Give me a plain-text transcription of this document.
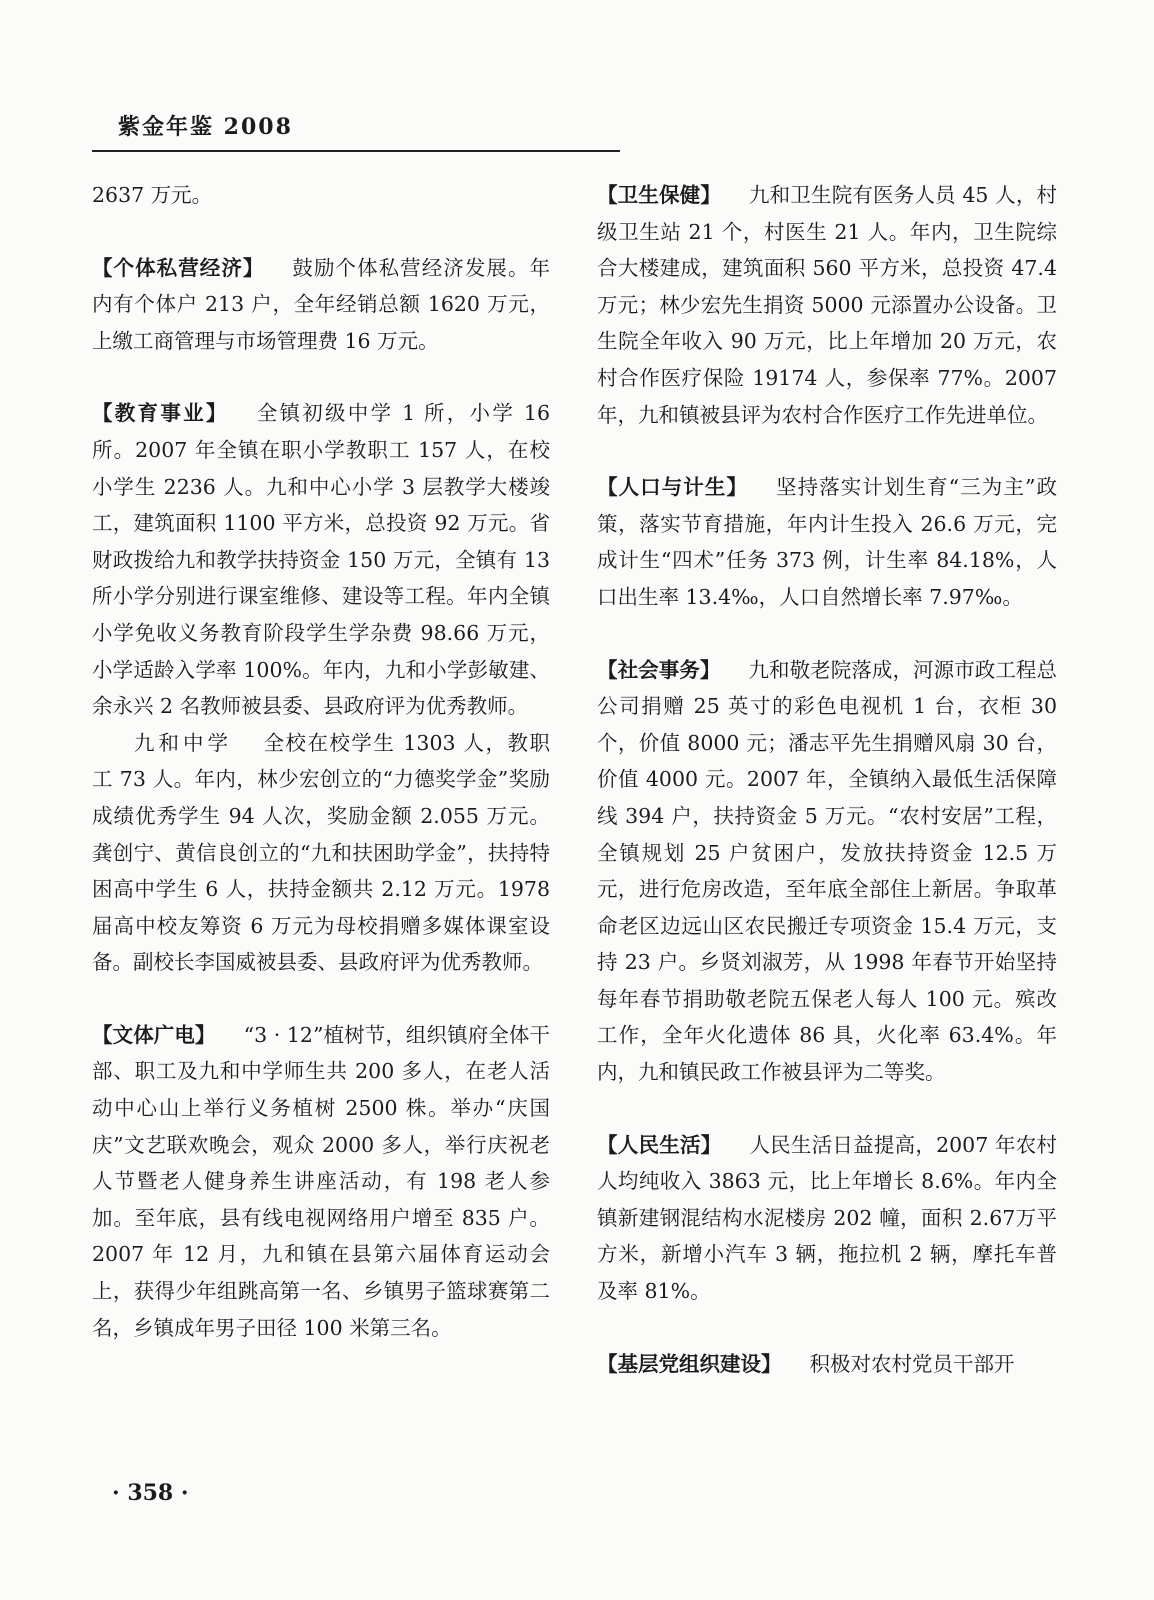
紫金年鉴 2008

2637 万元。

【个体私营经济】 鼓励个体私营经济发展。年内有个体户 213 户，全年经销总额 1620 万元，上缴工商管理与市场管理费 16 万元。

【教育事业】 全镇初级中学 1 所，小学 16 所。2007 年全镇在职小学教职工 157 人，在校小学生 2236 人。九和中心小学 3 层教学大楼竣工，建筑面积 1100 平方米，总投资 92 万元。省财政拨给九和教学扶持资金 150 万元，全镇有 13 所小学分别进行课室维修、建设等工程。年内全镇小学免收义务教育阶段学生学杂费 98.66 万元，小学适龄入学率 100%。年内，九和小学彭敏建、余永兴 2 名教师被县委、县政府评为优秀教师。

九和中学 全校在校学生 1303 人，教职工 73 人。年内，林少宏创立的“力德奖学金”奖励成绩优秀学生 94 人次，奖励金额 2.055 万元。龚创宁、黄信良创立的“九和扶困助学金”，扶持特困高中学生 6 人，扶持金额共 2.12 万元。1978 届高中校友筹资 6 万元为母校捐赠多媒体课室设备。副校长李国威被县委、县政府评为优秀教师。

【文体广电】 “3 · 12”植树节，组织镇府全体干部、职工及九和中学师生共 200 多人，在老人活动中心山上举行义务植树 2500 株。举办“庆国庆”文艺联欢晚会，观众 2000 多人，举行庆祝老人节暨老人健身养生讲座活动，有 198 老人参加。至年底，县有线电视网络用户增至 835 户。2007 年 12 月，九和镇在县第六届体育运动会上，获得少年组跳高第一名、乡镇男子篮球赛第二名，乡镇成年男子田径 100 米第三名。

【卫生保健】 九和卫生院有医务人员 45 人，村级卫生站 21 个，村医生 21 人。年内，卫生院综合大楼建成，建筑面积 560 平方米，总投资 47.4 万元；林少宏先生捐资 5000 元添置办公设备。卫生院全年收入 90 万元，比上年增加 20 万元，农村合作医疗保险 19174 人，参保率 77%。2007 年，九和镇被县评为农村合作医疗工作先进单位。

【人口与计生】 坚持落实计划生育“三为主”政策，落实节育措施，年内计生投入 26.6 万元，完成计生“四术”任务 373 例，计生率 84.18%，人口出生率 13.4‰，人口自然增长率 7.97‰。

【社会事务】 九和敬老院落成，河源市政工程总公司捐赠 25 英寸的彩色电视机 1 台，衣柜 30 个，价值 8000 元；潘志平先生捐赠风扇 30 台，价值 4000 元。2007 年，全镇纳入最低生活保障线 394 户，扶持资金 5 万元。“农村安居”工程，全镇规划 25 户贫困户，发放扶持资金 12.5 万元，进行危房改造，至年底全部住上新居。争取革命老区边远山区农民搬迁专项资金 15.4 万元，支持 23 户。乡贤刘淑芳，从 1998 年春节开始坚持每年春节捐助敬老院五保老人每人 100 元。殡改工作，全年火化遗体 86 具，火化率 63.4%。年内，九和镇民政工作被县评为二等奖。

【人民生活】 人民生活日益提高，2007 年农村人均纯收入 3863 元，比上年增长 8.6%。年内全镇新建钢混结构水泥楼房 202 幢，面积 2.67万平方米，新增小汽车 3 辆，拖拉机 2 辆，摩托车普及率 81%。

【基层党组织建设】 积极对农村党员干部开

· 358 ·
